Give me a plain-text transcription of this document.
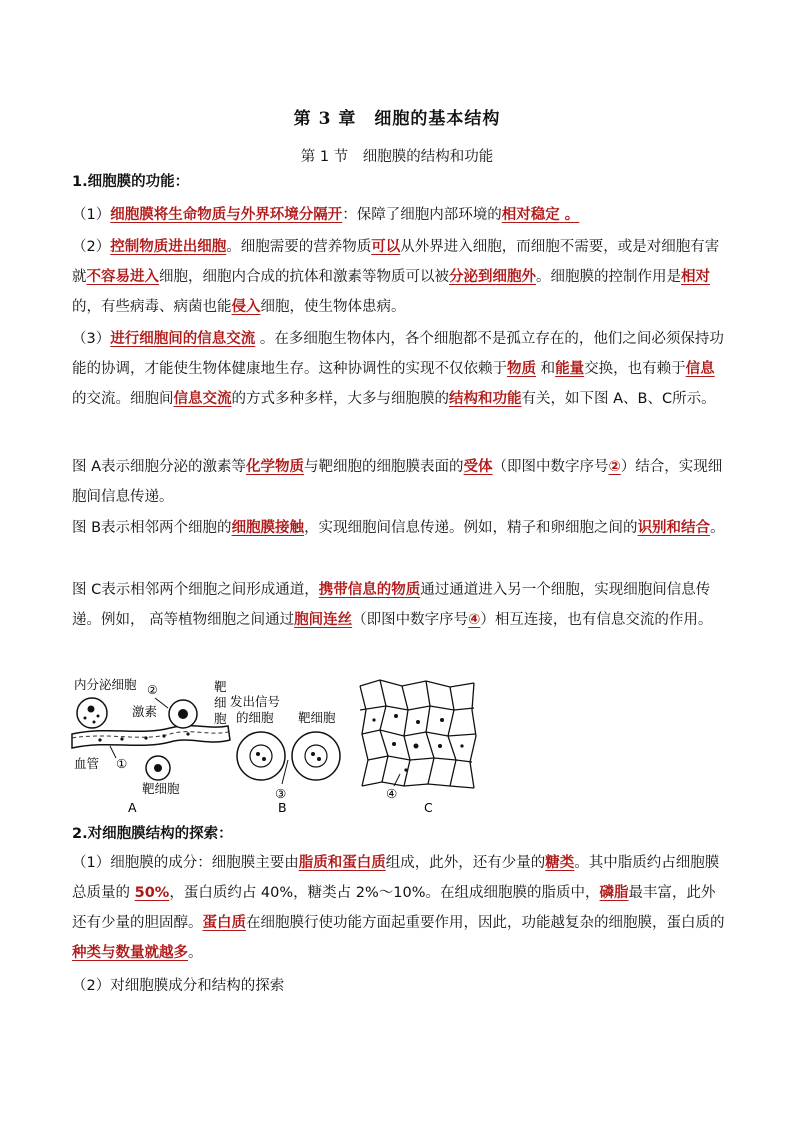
第 3 章　细胞的基本结构
第 1 节　细胞膜的结构和功能
1.细胞膜的功能：
（1）细胞膜将生命物质与外界环境分隔开：保障了细胞内部环境的相对稳定 。
（2）控制物质进出细胞。细胞需要的营养物质可以从外界进入细胞，而细胞不需要，或是对细胞有害就不容易进入细胞，细胞内合成的抗体和激素等物质可以被分泌到细胞外。细胞膜的控制作用是相对的，有些病毒、病菌也能侵入细胞，使生物体患病。
（3）进行细胞间的信息交流 。在多细胞生物体内，各个细胞都不是孤立存在的，他们之间必须保持功能的协调，才能使生物体健康地生存。这种协调性的实现不仅依赖于物质 和能量交换，也有赖于信息的交流。细胞间信息交流的方式多种多样，大多与细胞膜的结构和功能有关，如下图 A、B、C所示。
图 A表示细胞分泌的激素等化学物质与靶细胞的细胞膜表面的受体（即图中数字序号②）结合，实现细胞间信息传递。
图 B表示相邻两个细胞的细胞膜接触，实现细胞间信息传递。例如，精子和卵细胞之间的识别和结合。
图 C表示相邻两个细胞之间形成通道，携带信息的物质通过通道进入另一个细胞，实现细胞间信息传递。例如， 高等植物细胞之间通过胞间连丝（即图中数字序号④）相互连接，也有信息交流的作用。
内分泌细胞 ②
激素
靶
细
胞
血管 ①
靶细胞
A
发出信号
的细胞 靶细胞
③
B
④
C
2.对细胞膜结构的探索：
（1）细胞膜的成分：细胞膜主要由脂质和蛋白质组成，此外，还有少量的糖类。其中脂质约占细胞膜总质量的 50%，蛋白质约占 40%，糖类占 2%～10%。在组成细胞膜的脂质中，磷脂最丰富，此外还有少量的胆固醇。蛋白质在细胞膜行使功能方面起重要作用，因此，功能越复杂的细胞膜，蛋白质的种类与数量就越多。
（2）对细胞膜成分和结构的探索
